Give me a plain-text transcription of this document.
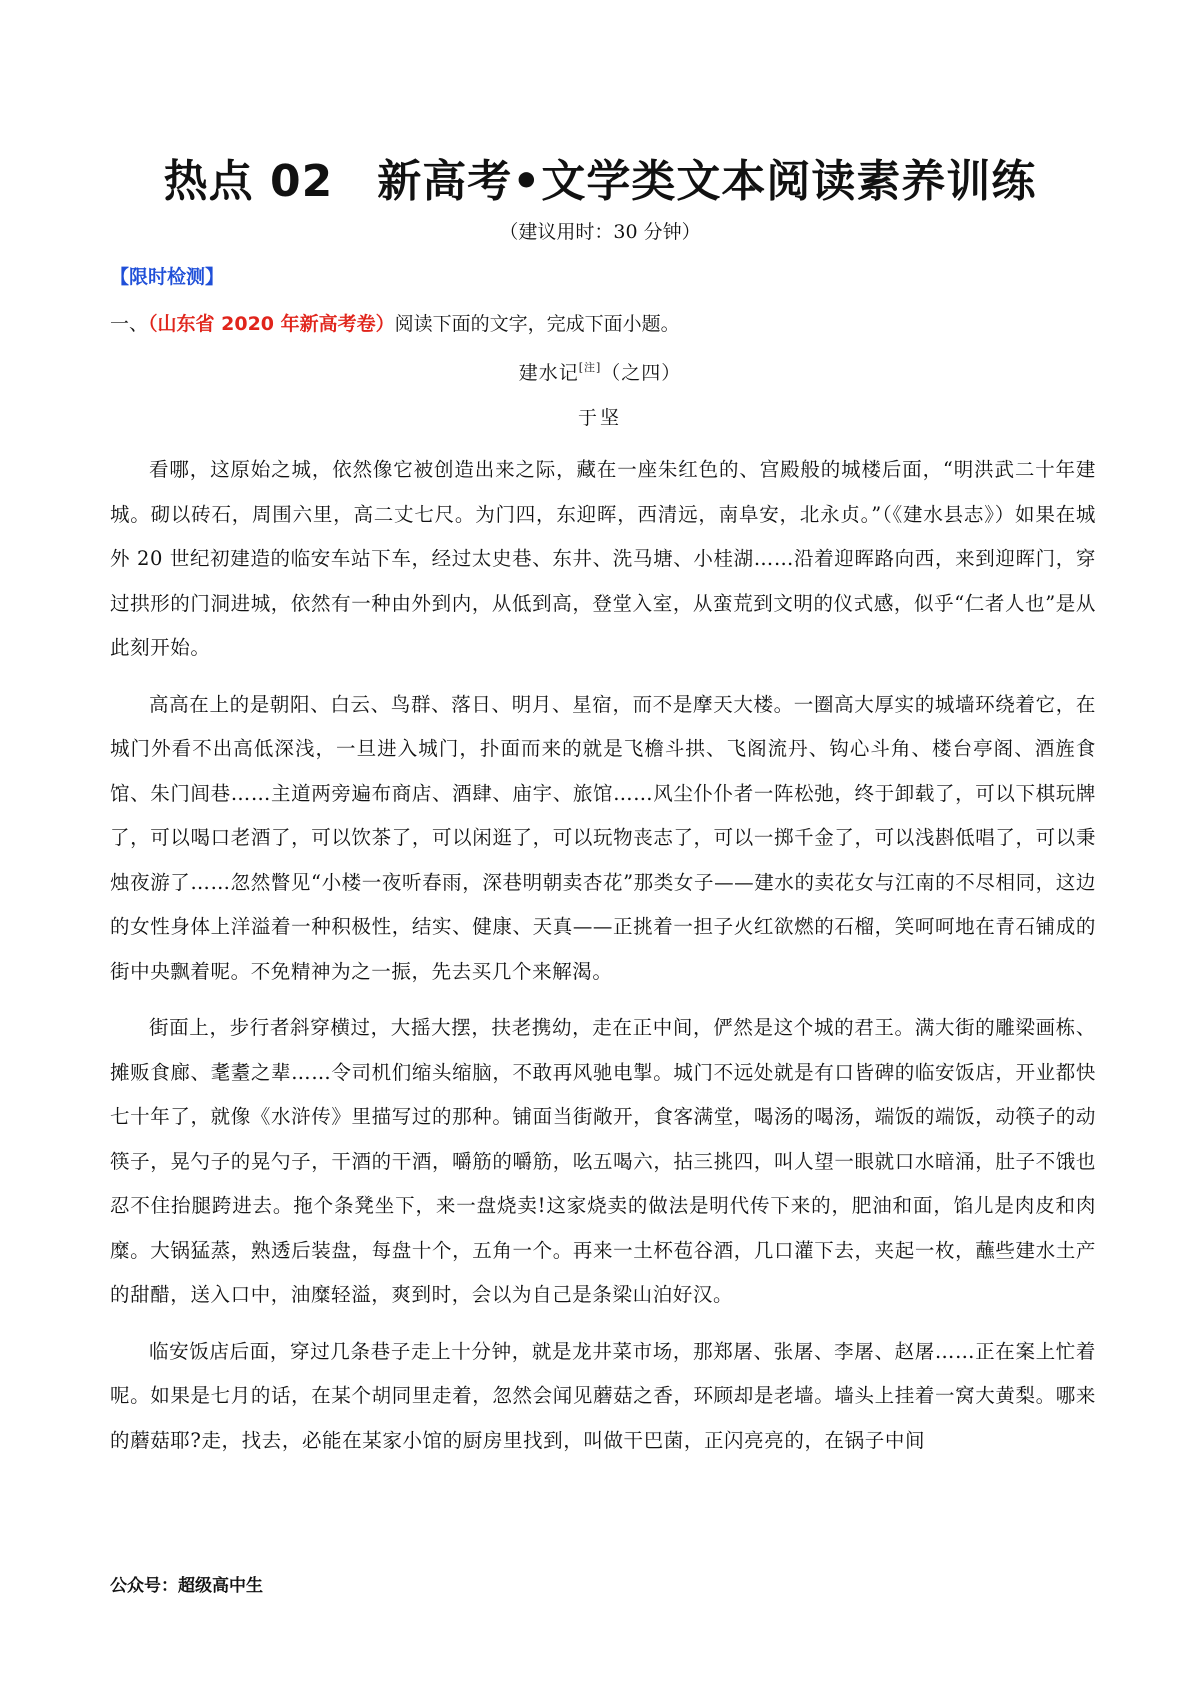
热点 02 新高考•文学类文本阅读素养训练
（建议用时：30 分钟）
【限时检测】
一、（山东省 2020 年新高考卷）阅读下面的文字，完成下面小题。
建水记[注]（之四）
于坚

看哪，这原始之城，依然像它被创造出来之际，藏在一座朱红色的、宫殿般的城楼后面，“明洪武二十年建城。砌以砖石，周围六里，高二丈七尺。为门四，东迎晖，西清远，南阜安，北永贞。”（《建水县志》）如果在城外 20 世纪初建造的临安车站下车，经过太史巷、东井、洗马塘、小桂湖……沿着迎晖路向西，来到迎晖门，穿过拱形的门洞进城，依然有一种由外到内，从低到高，登堂入室，从蛮荒到文明的仪式感，似乎“仁者人也”是从此刻开始。

高高在上的是朝阳、白云、鸟群、落日、明月、星宿，而不是摩天大楼。一圈高大厚实的城墙环绕着它，在城门外看不出高低深浅，一旦进入城门，扑面而来的就是飞檐斗拱、飞阁流丹、钩心斗角、楼台亭阁、酒旌食馆、朱门闾巷……主道两旁遍布商店、酒肆、庙宇、旅馆……风尘仆仆者一阵松弛，终于卸载了，可以下棋玩牌了，可以喝口老酒了，可以饮茶了，可以闲逛了，可以玩物丧志了，可以一掷千金了，可以浅斟低唱了，可以秉烛夜游了……忽然瞥见“小楼一夜听春雨，深巷明朝卖杏花”那类女子——建水的卖花女与江南的不尽相同，这边的女性身体上洋溢着一种积极性，结实、健康、天真——正挑着一担子火红欲燃的石榴，笑呵呵地在青石铺成的街中央飘着呢。不免精神为之一振，先去买几个来解渴。

街面上，步行者斜穿横过，大摇大摆，扶老携幼，走在正中间，俨然是这个城的君王。满大街的雕梁画栋、摊贩食廊、耄耋之辈……令司机们缩头缩脑，不敢再风驰电掣。城门不远处就是有口皆碑的临安饭店，开业都快七十年了，就像《水浒传》里描写过的那种。铺面当街敞开，食客满堂，喝汤的喝汤，端饭的端饭，动筷子的动筷子，晃勺子的晃勺子，干酒的干酒，嚼筋的嚼筋，吆五喝六，拈三挑四，叫人望一眼就口水暗涌，肚子不饿也忍不住抬腿跨进去。拖个条凳坐下，来一盘烧卖!这家烧卖的做法是明代传下来的，肥油和面，馅儿是肉皮和肉糜。大锅猛蒸，熟透后装盘，每盘十个，五角一个。再来一土杯苞谷酒，几口灌下去，夹起一枚，蘸些建水土产的甜醋，送入口中，油糜轻溢，爽到时，会以为自己是条梁山泊好汉。

临安饭店后面，穿过几条巷子走上十分钟，就是龙井菜市场，那郑屠、张屠、李屠、赵屠……正在案上忙着呢。如果是七月的话，在某个胡同里走着，忽然会闻见蘑菇之香，环顾却是老墙。墙头上挂着一窝大黄梨。哪来的蘑菇耶?走，找去，必能在某家小馆的厨房里找到，叫做干巴菌，正闪亮亮的，在锅子中间

公众号：超级高中生
